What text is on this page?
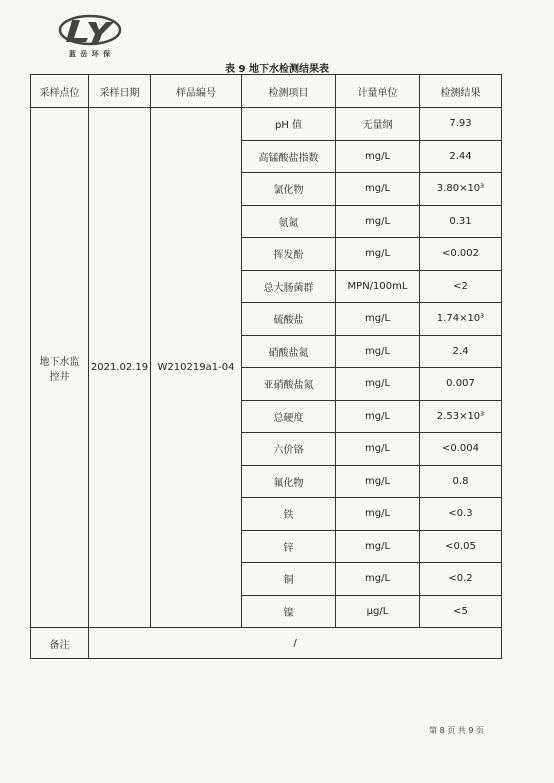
蓝 岳 环 保
表 9 地下水检测结果表
采样点位	采样日期	样品编号	检测项目	计量单位	检测结果
地下水监控井	2021.02.19	W210219a1-04	pH 值	无量纲	7.93

			高锰酸盐指数	mg/L	2.44

			氯化物	mg/L	3.80×10³

			氨氮	mg/L	0.31

			挥发酚	mg/L	<0.002

			总大肠菌群	MPN/100mL	<2

			硫酸盐	mg/L	1.74×10³

			硝酸盐氮	mg/L	2.4

			亚硝酸盐氮	mg/L	0.007

			总硬度	mg/L	2.53×10³

			六价铬	mg/L	<0.004

			氟化物	mg/L	0.8

			铁	mg/L	<0.3

			锌	mg/L	<0.05

			铜	mg/L	<0.2

			镍	μg/L	<5

备注	/				
第 8 页 共 9 页
